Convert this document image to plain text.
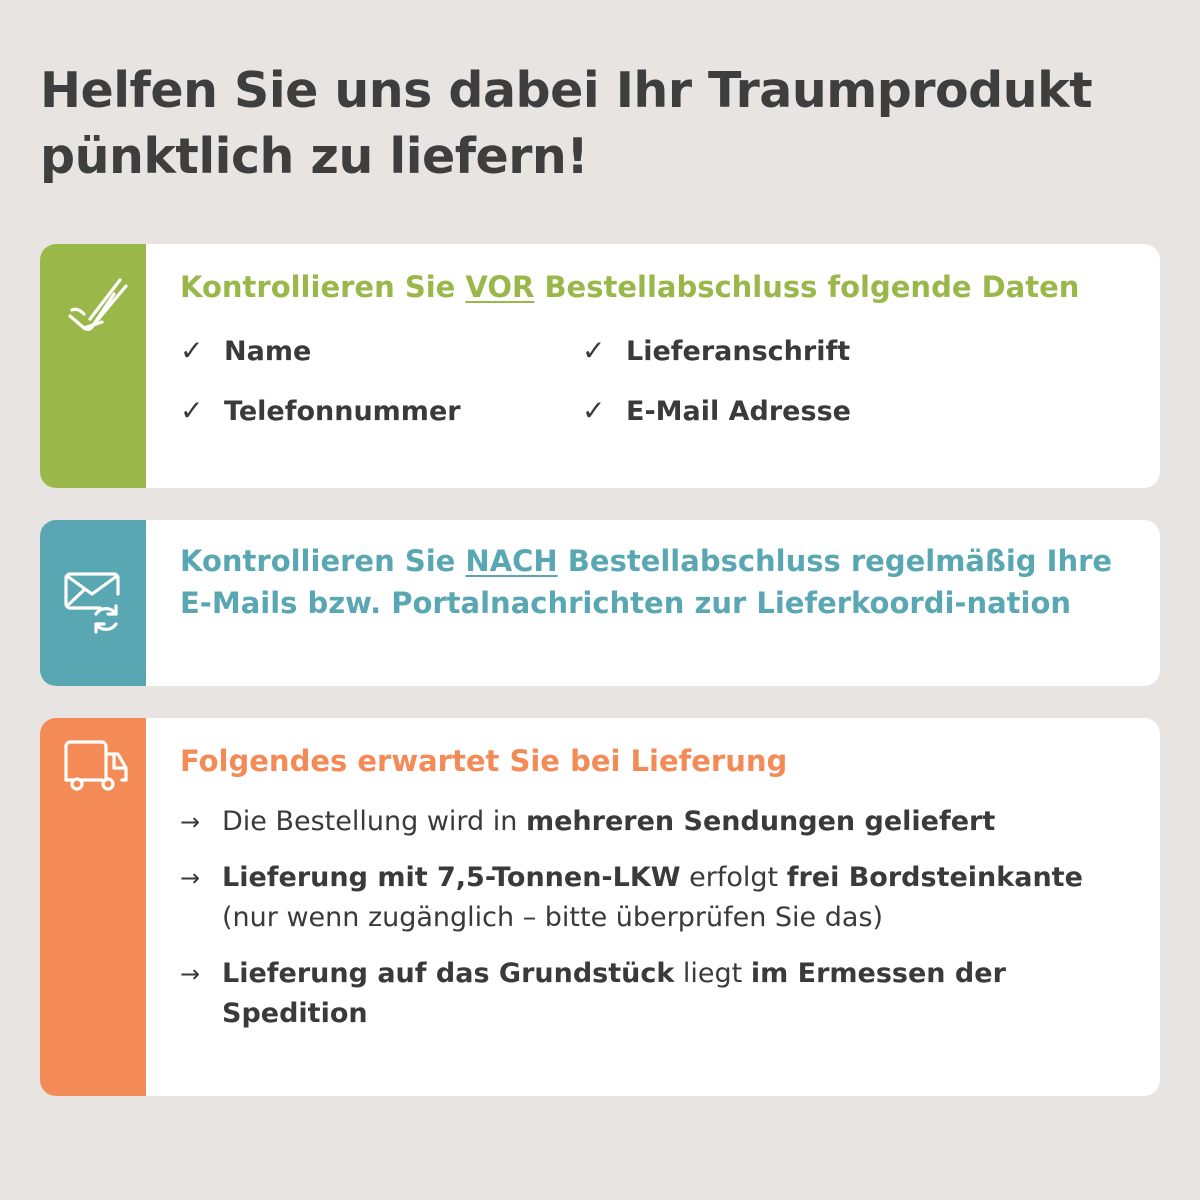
Helfen Sie uns dabei Ihr Traumprodukt pünktlich zu liefern!

Kontrollieren Sie VOR Bestellabschluss folgende Daten

✓ Name	✓ Lieferanschrift
✓ Telefonnummer	✓ E-Mail Adresse

Kontrollieren Sie NACH Bestellabschluss regelmäßig Ihre E-Mails bzw. Portalnachrichten zur Lieferkoordi-nation

Folgendes erwartet Sie bei Lieferung

→ Die Bestellung wird in mehreren Sendungen geliefert
→ Lieferung mit 7,5-Tonnen-LKW erfolgt frei Bordsteinkante (nur wenn zugänglich – bitte überprüfen Sie das)
→ Lieferung auf das Grundstück liegt im Ermessen der Spedition
